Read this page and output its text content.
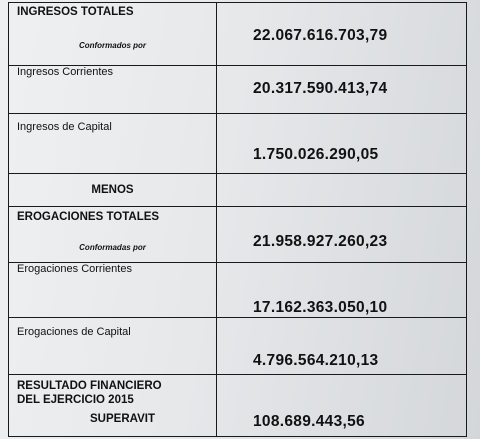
INGRESOS TOTALES
Conformados por	22.067.616.703,79

Ingresos Corrientes	20.317.590.413,74

Ingresos de Capital	1.750.026.290,05

MENOS	

EROGACIONES TOTALES
Conformadas por	21.958.927.260,23

Erogaciones Corrientes	17.162.363.050,10

Erogaciones de Capital	4.796.564.210,13

RESULTADO FINANCIERO
DEL EJERCICIO 2015
SUPERAVIT	108.689.443,56
